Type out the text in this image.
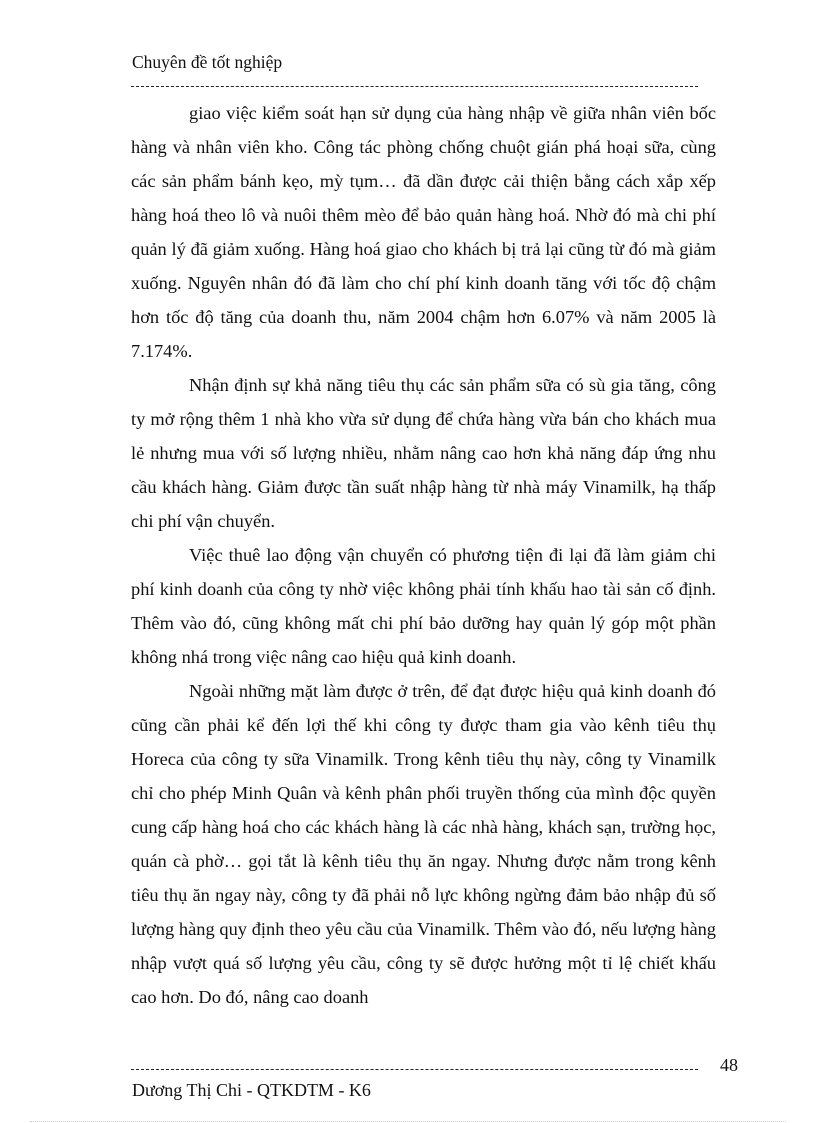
Chuyên đề tốt nghiệp

giao việc kiểm soát hạn sử dụng của hàng nhập về giữa nhân viên bốc hàng và nhân viên kho. Công tác phòng chống chuột gián phá hoại sữa, cùng các sản phẩm bánh kẹo, mỳ tụm… đã dần được cải thiện bằng cách xắp xếp hàng hoá theo lô và nuôi thêm mèo để bảo quản hàng hoá. Nhờ đó mà chi phí quản lý đã giảm xuống. Hàng hoá giao cho khách bị trả lại cũng từ đó mà giảm xuống. Nguyên nhân đó đã làm cho chí phí kinh doanh tăng với tốc độ chậm hơn tốc độ tăng của doanh thu, năm 2004 chậm hơn 6.07% và năm 2005 là 7.174%.

Nhận định sự khả năng tiêu thụ các sản phẩm sữa có sù gia tăng, công ty mở rộng thêm 1 nhà kho vừa sử dụng để chứa hàng vừa bán cho khách mua lẻ nhưng mua với số lượng nhiều, nhằm nâng cao hơn khả năng đáp ứng nhu cầu khách hàng. Giảm được tần suất nhập hàng từ nhà máy Vinamilk, hạ thấp chi phí vận chuyển.

Việc thuê lao động vận chuyển có phương tiện đi lại đã làm giảm chi phí kinh doanh của công ty nhờ việc không phải tính khấu hao tài sản cố định. Thêm vào đó, cũng không mất chi phí bảo dưỡng hay quản lý góp một phần không nhá trong việc nâng cao hiệu quả kinh doanh.

Ngoài những mặt làm được ở trên, để đạt được hiệu quả kinh doanh đó cũng cần phải kể đến lợi thế khi công ty được tham gia vào kênh tiêu thụ Horeca của công ty sữa Vinamilk. Trong kênh tiêu thụ này, công ty Vinamilk chỉ cho phép Minh Quân và kênh phân phối truyền thống của mình độc quyền cung cấp hàng hoá cho các khách hàng là các nhà hàng, khách sạn, trường học, quán cà phờ… gọi tắt là kênh tiêu thụ ăn ngay. Nhưng được nằm trong kênh tiêu thụ ăn ngay này, công ty đã phải nỗ lực không ngừng đảm bảo nhập đủ số lượng hàng quy định theo yêu cầu của Vinamilk. Thêm vào đó, nếu lượng hàng nhập vượt quá số lượng yêu cầu, công ty sẽ được hưởng một tỉ lệ chiết khấu cao hơn. Do đó, nâng cao doanh

48
Dương Thị Chi - QTKDTM - K6
